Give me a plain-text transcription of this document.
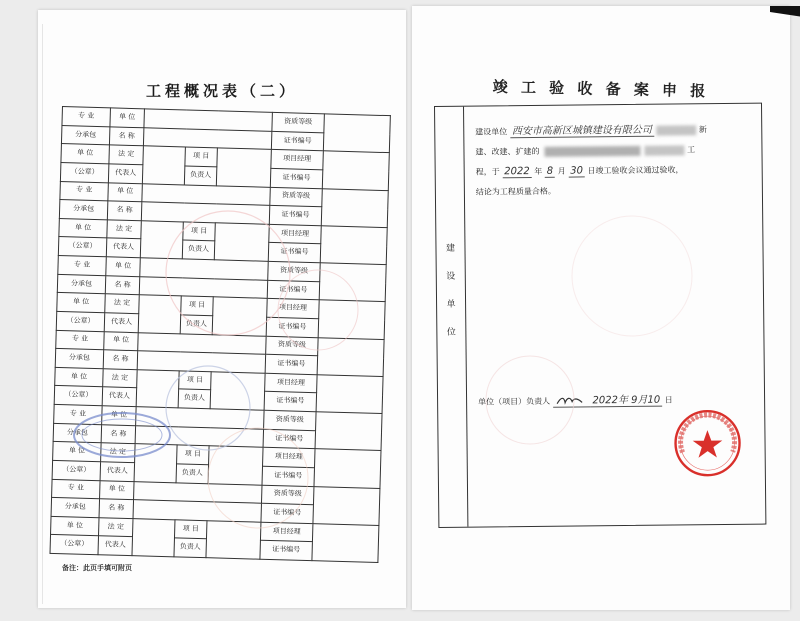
工程概况表（二）
专 业	单 位				资质等级	
分承包	名 称				证书编号	
单 位	法 定		项 目		项目经理	
（公章）	代表人		负责人		证书编号	
专 业	单 位				资质等级	
分承包	名 称				证书编号	
单 位	法 定		项 目		项目经理	
（公章）	代表人		负责人		证书编号	
专 业	单 位				资质等级	
分承包	名 称				证书编号	
单 位	法 定		项 目		项目经理	
（公章）	代表人		负责人		证书编号	
专 业	单 位				资质等级	
分承包	名 称				证书编号	
单 位	法 定		项 目		项目经理	
（公章）	代表人		负责人		证书编号	
专 业	单 位				资质等级	
分承包	名 称				证书编号	
单 位	法 定		项 目		项目经理	
（公章）	代表人		负责人		证书编号	
专 业	单 位				资质等级	
分承包	名 称				证书编号	
单 位	法 定		项 目		项目经理	
（公章）	代表人		负责人		证书编号	
备注：此页手填可附页
竣 工 验 收 备 案 申 报
建
设
单
位
建设单位 西安市高新区城镇建设有限公司	新
建、改建、扩建的	工
程，于 2022 年 8 月 30 日竣工验收会议通过验收，
结论为工程质量合格。
单位（项目）负责人	2022年 9月10 日
